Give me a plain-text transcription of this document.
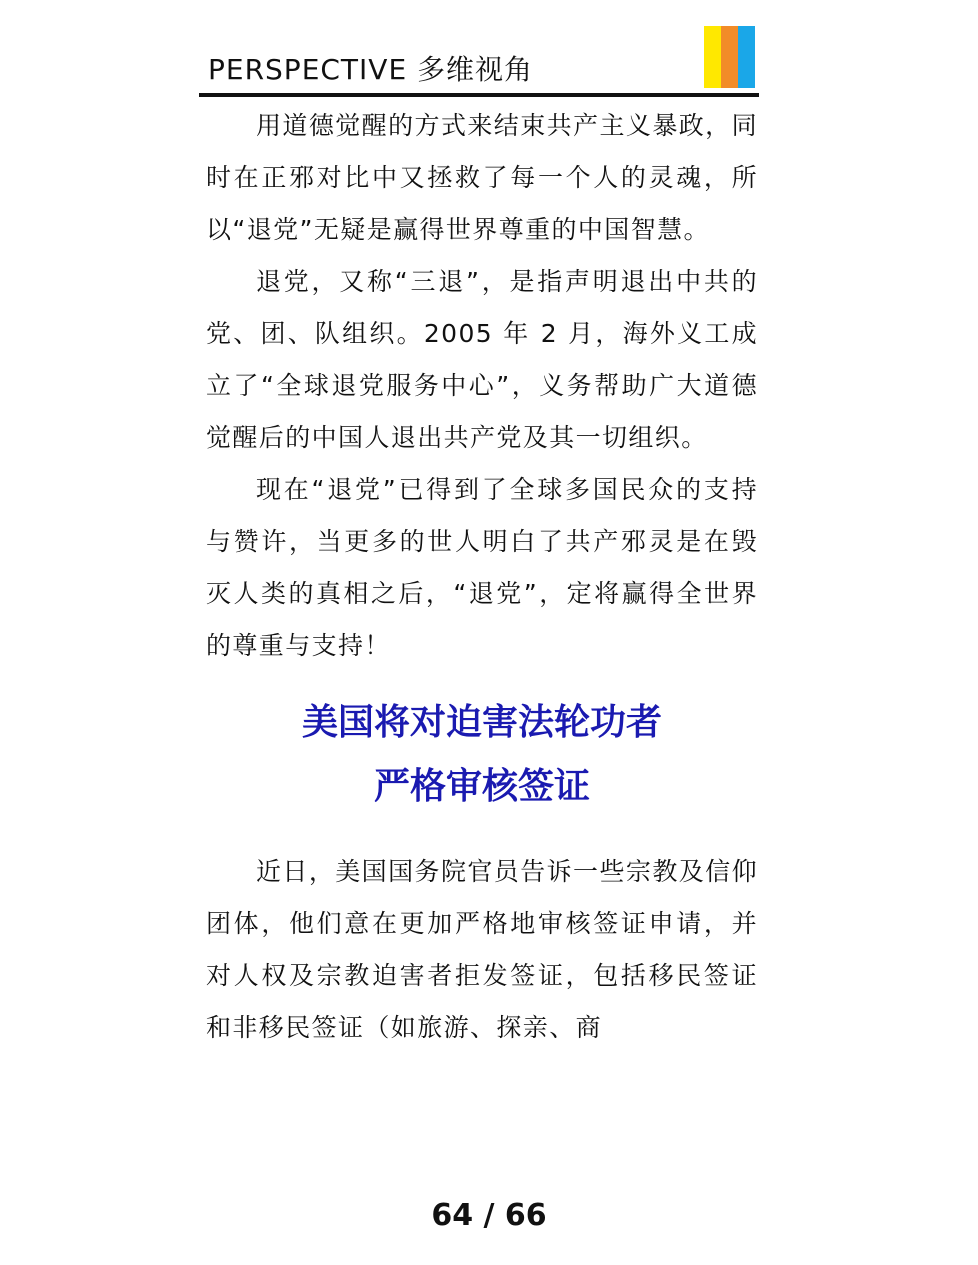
PERSPECTIVE 多维视角

用道德觉醒的方式来结束共产主义暴政，同时在正邪对比中又拯救了每一个人的灵魂，所以“退党”无疑是赢得世界尊重的中国智慧。

退党，又称“三退”，是指声明退出中共的党、团、队组织。2005 年 2 月，海外义工成立了“全球退党服务中心”，义务帮助广大道德觉醒后的中国人退出共产党及其一切组织。

现在“退党”已得到了全球多国民众的支持与赞许，当更多的世人明白了共产邪灵是在毁灭人类的真相之后，“退党”，定将赢得全世界的尊重与支持！

美国将对迫害法轮功者
严格审核签证

近日，美国国务院官员告诉一些宗教及信仰团体，他们意在更加严格地审核签证申请，并对人权及宗教迫害者拒发签证，包括移民签证和非移民签证（如旅游、探亲、商

64 / 66
